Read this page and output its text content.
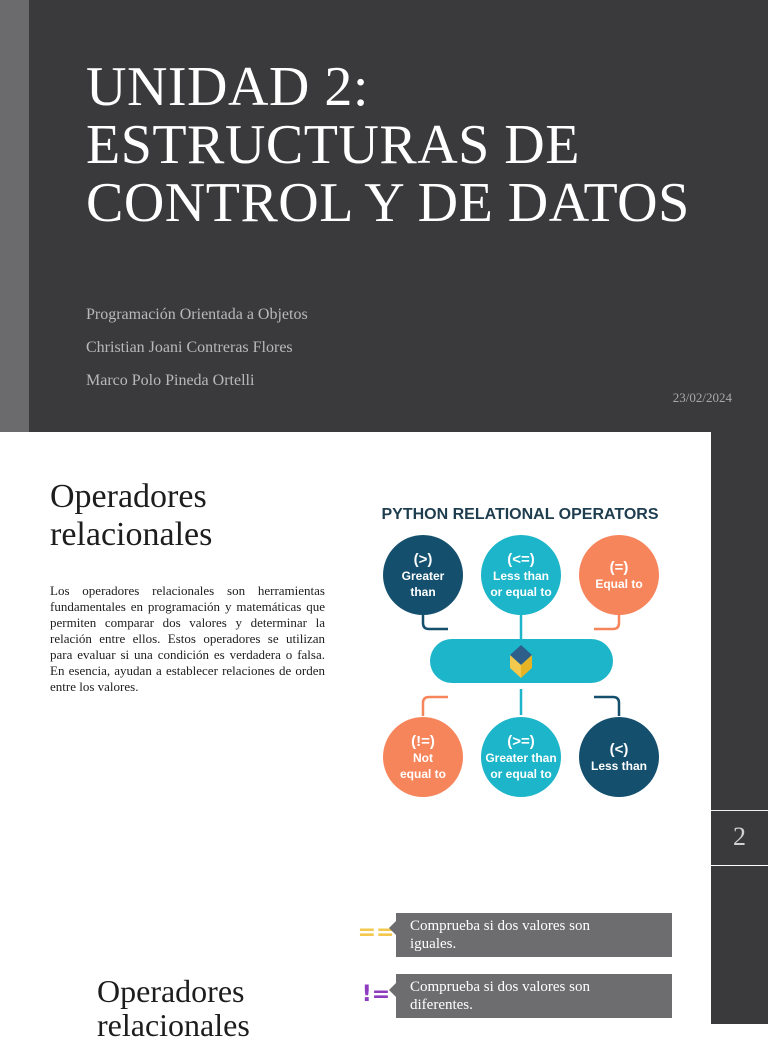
UNIDAD 2: ESTRUCTURAS DE CONTROL Y DE DATOS
Programación Orientada a Objetos
Christian Joani Contreras Flores
Marco Polo Pineda Ortelli
23/02/2024
2
Operadores
relacionales
Los operadores relacionales son herramientas fundamentales en programación y matemáticas que permiten comparar dos valores y determinar la relación entre ellos. Estos operadores se utilizan para evaluar si una condición es verdadera o falsa. En esencia, ayudan a establecer relaciones de orden entre los valores.
PYTHON RELATIONAL OPERATORS
(>)
Greater
than
(<=)
Less than
or equal to
(=)
Equal to
(!=)
Not
equal to
(>=)
Greater than
or equal to
(<)
Less than
Operadores
relacionales
== Comprueba si dos valores son
iguales.
!=	Comprueba si dos valores son
diferentes.
